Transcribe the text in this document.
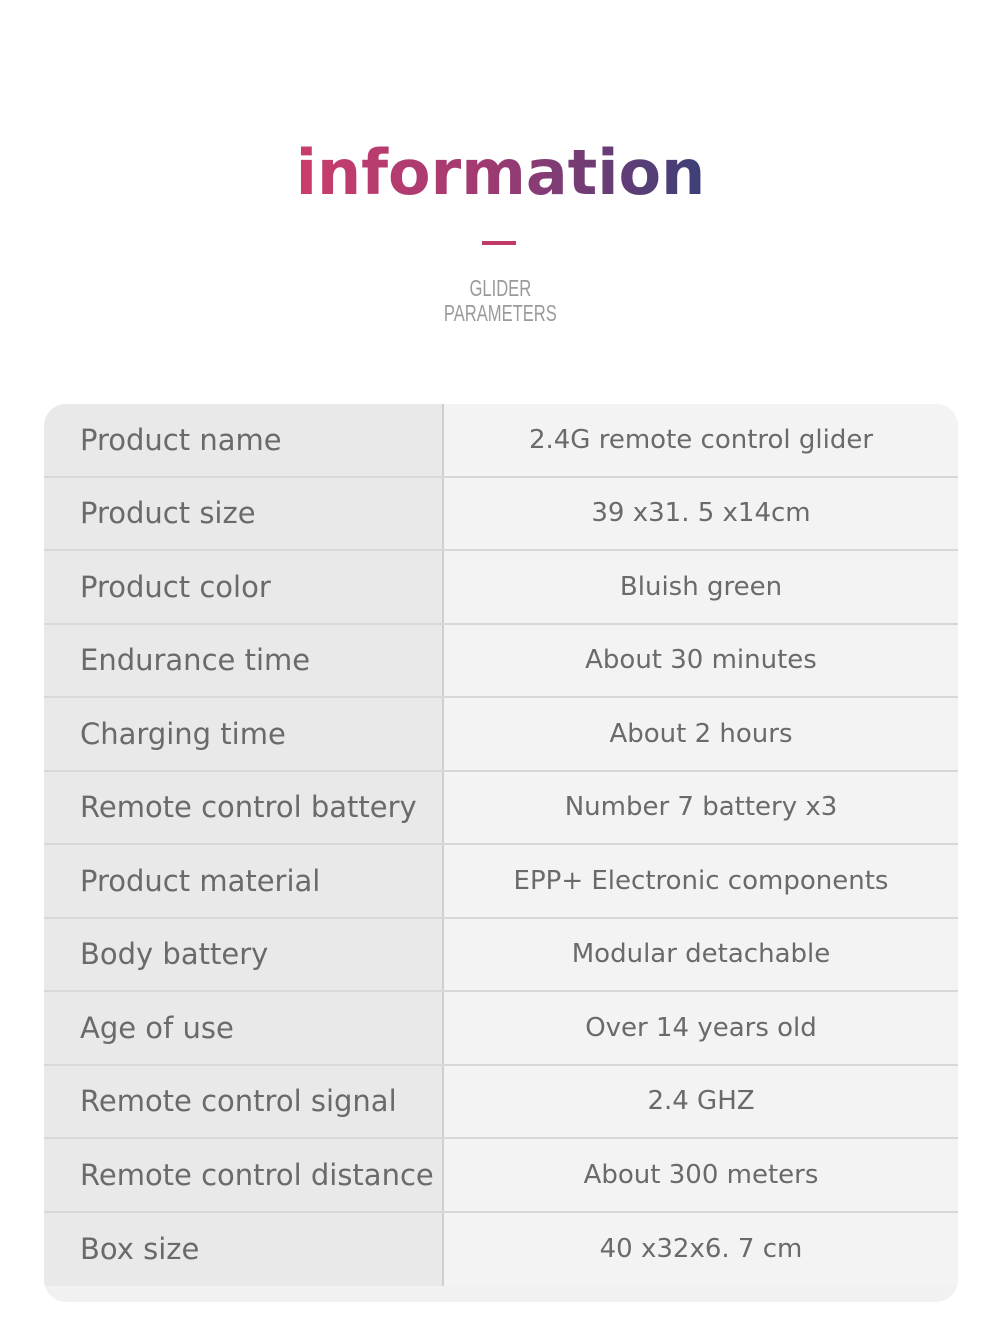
information
GLIDER
PARAMETERS
Product name	2.4G remote control glider
Product size	39 x31. 5 x14cm
Product color	Bluish green
Endurance time	About 30 minutes
Charging time	About 2 hours
Remote control battery	Number 7 battery x3
Product material	EPP+ Electronic components
Body battery	Modular detachable
Age of use	Over 14 years old
Remote control signal	2.4 GHZ
Remote control distance	About 300 meters
Box size	40 x32x6. 7 cm
